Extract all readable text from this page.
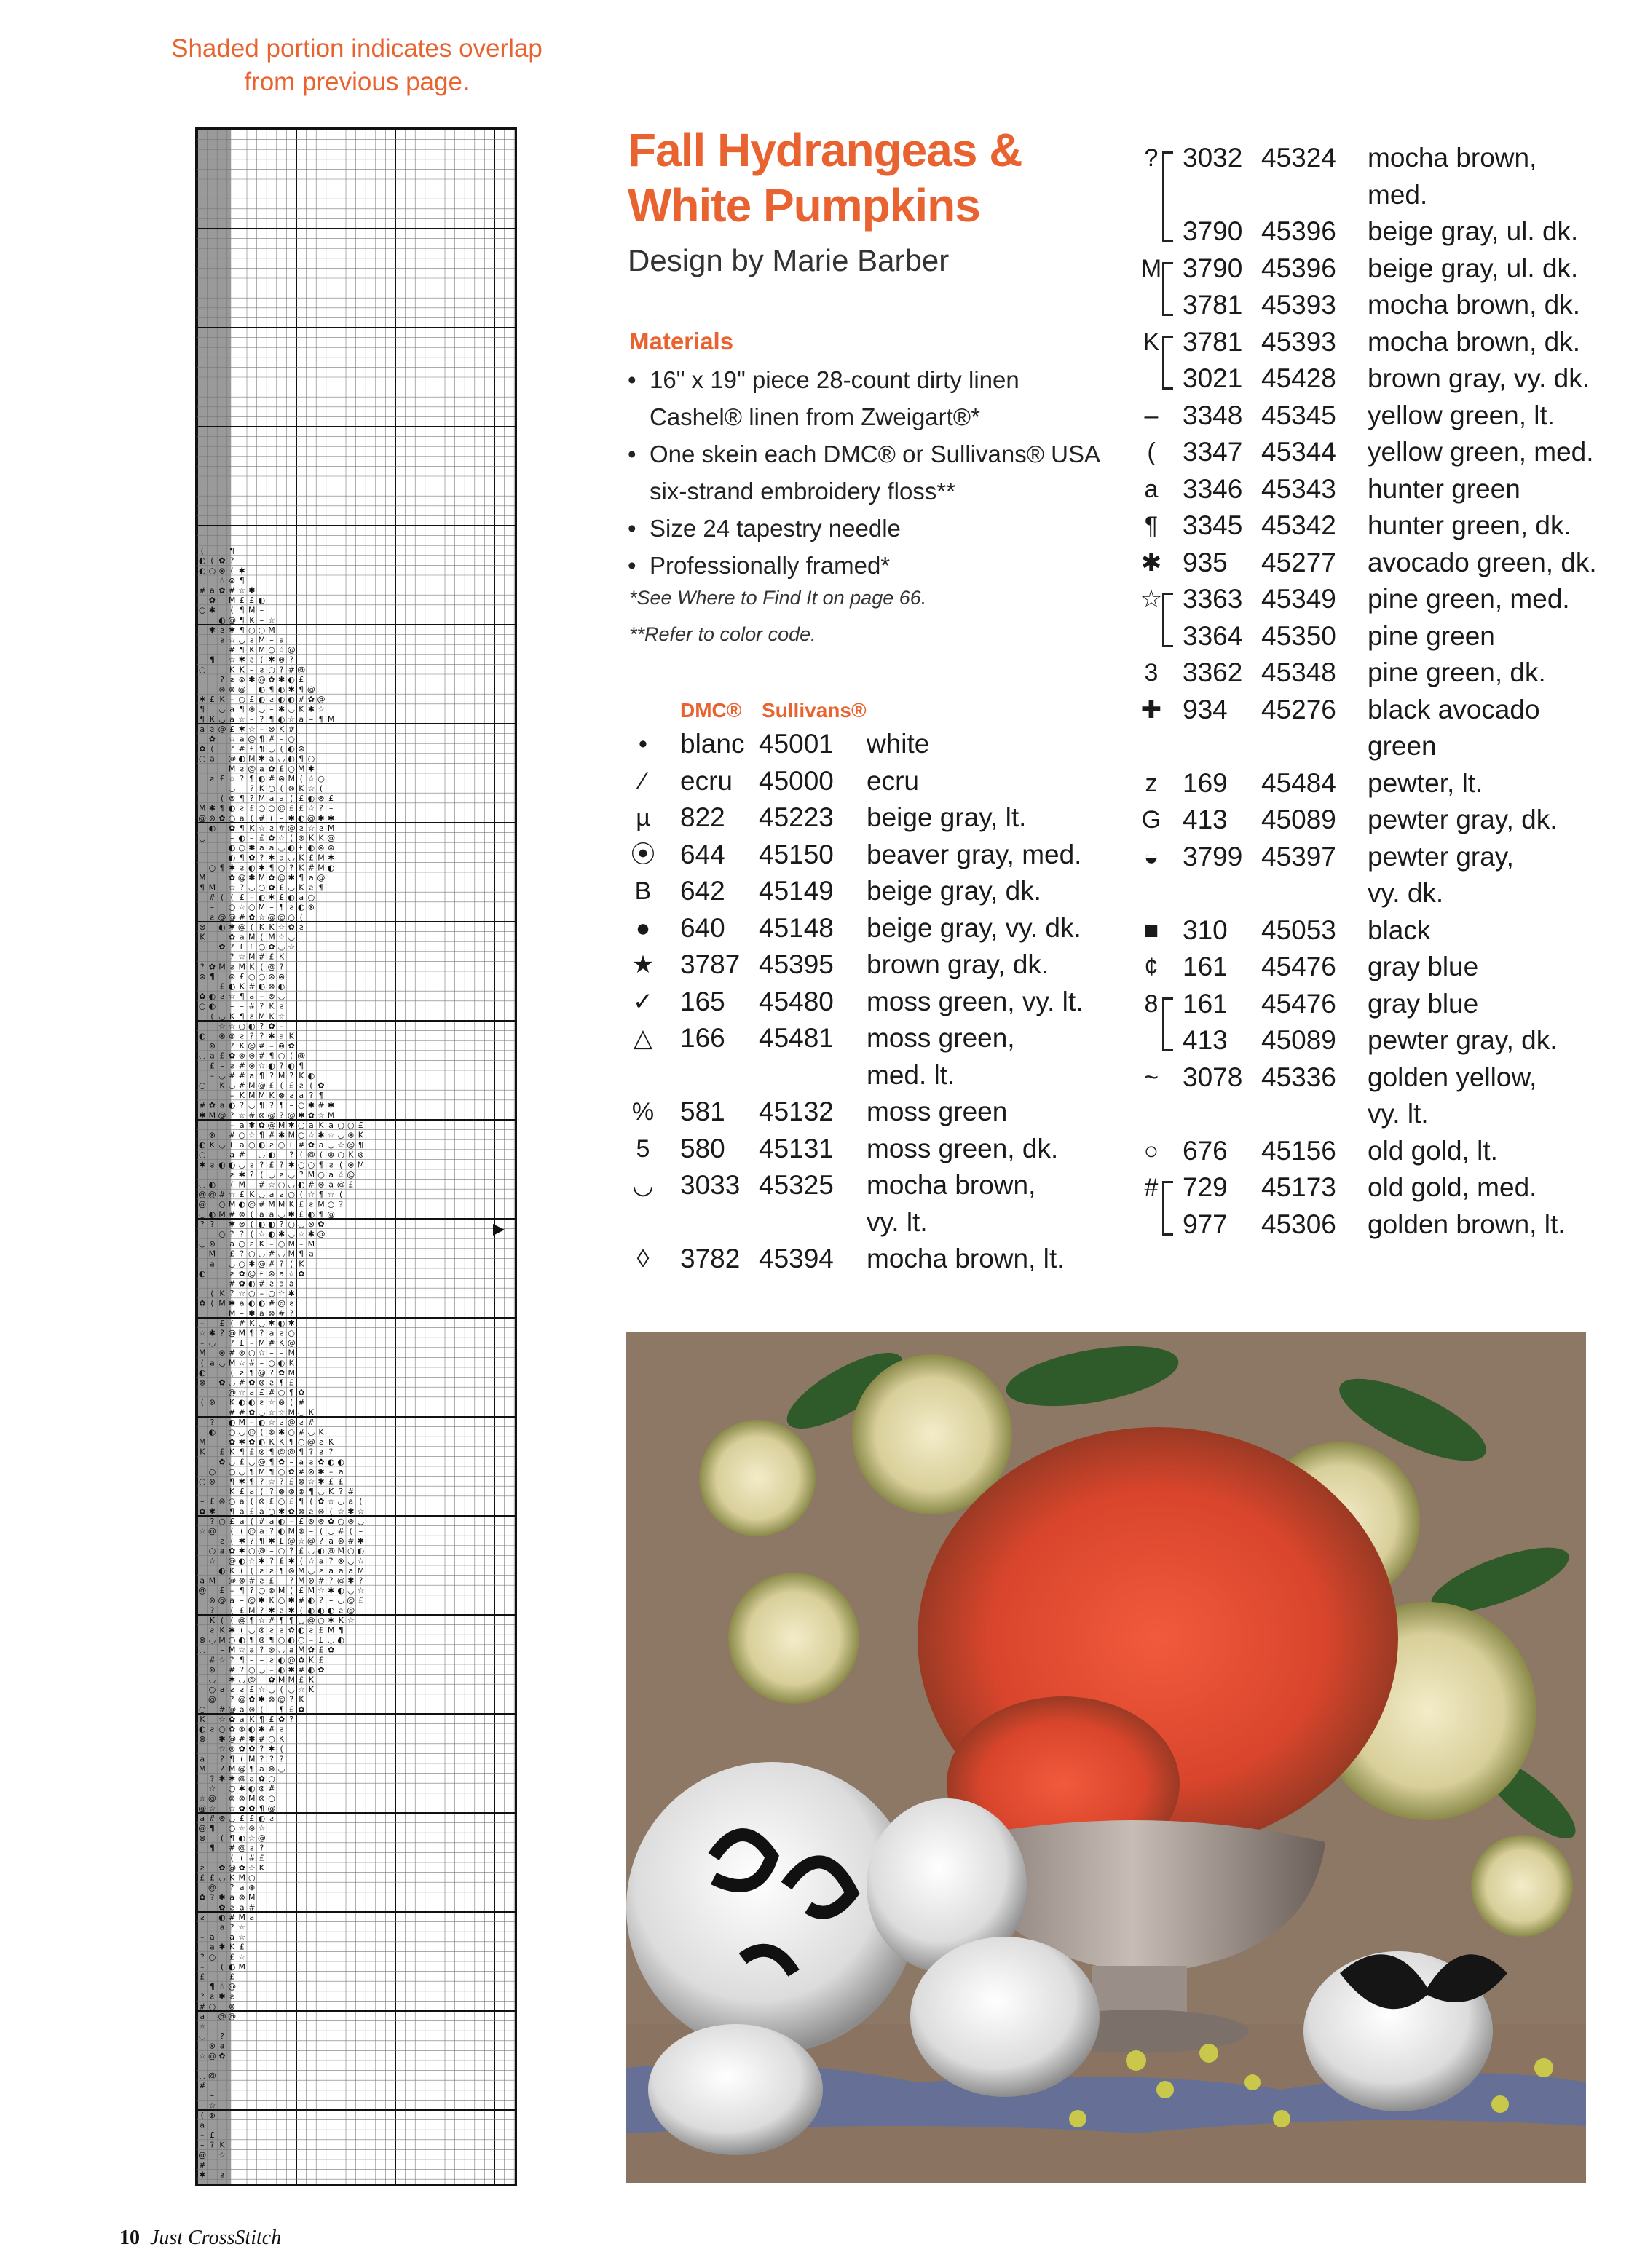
Shaded portion indicates overlap
from previous page.
(	¶
◐ ( ✿ ?
◐ ○ ⊗ ( ✱
☆ ⊗ ¶
# a ✿ # ☆ ✱
✿ M £ £ ◐
○ ✱ ( ¶ M –
◐ @ ¶ K – ☆
✱ ƨ ✱ ¶ ○ ○ M
ƨ ☆ ◡ ƨ M – a
# ¶ K M ○ ☆ @
¶ ☆ ✱ ƨ ( ✱ ⊗ ?
○	K K – ƨ ○ ? # @
? ƨ ⊗ ✱ @ ✿ ✱ ◐ £
⊗ ⊗ @ – ◐ ¶ ◐ ✱ ¶ @
✱ £ K – ○ £ ◐ ƨ ◐ ◐ # ✿ @
¶ ◡ a ¶ ⊗ ◡ – ✱ ◡ K ✱ ☆
¶ K ◡ a ☆ – ? ¶ ◐ ☆ a – ¶ M
a ƨ @ £ ✱ ☆ – ⊗ K #
✿ ☆ a @ ¶ # – ○
✿ ( ? # £ ¶ ◡ ( ◐ ⊗
○ a @ ◐ M ✱ a ◡ ◐ ¶ ○
M ƨ @ a ✿ £ ○ M ✱
ƨ £ ☆ ? ¶ ◐ # ⊗ M ( ☆ ○
◡ – ? K ○ ( ⊗ K ☆ (
( ⊗ ¶ ? M a a ( £ ◐ ⊗ £
M ✱ ¶ ◐ ƨ £ ○ ○ @ £ £ ☆ ? –
@ ⊗ ✿ ○ a ( # ( – ✱ ◐ @ ✱ ✱
◐ ✿ ¶ K ☆ ƨ # @ ƨ ☆ ƨ M
◡	– ◐ – £ ✿ ☆ ( ⊗ K K @
◐ ○ ✱ a a ◡ ◐ £ ◐ ⊗ ⊗
◐ ¶ ✿ ? ✱ a ◡ K £ M ✱
○ ¶ ✱ ƨ ◐ ✱ ¶ ○ ? K # M ◐
M	✿ @ ✱ M ✿ @ ✱ ¶ a @
¶ M ☆ ? ◡ ○ ✿ £ ◡ K ƨ ¶
# ( ( £ – ◐ ✱ £ ◐ a ○
– ○ ☆ ○ M – ¶ ƨ ◐ ⊗
ƨ @ @ # ✿ ☆ @ @ ○ (
⊗ ◐ ✱ @ ( K K ☆ ✿ ƨ
K	✿ a M ( M ☆ ◡
✿ ? £ £ ○ ✿ ◡ ☆
? ☆ M # £ K
? ✿ M ƨ M K ( @ ?
⊗ ¶ ⊗ £ ○ ○ ⊗ ⊗
£ ◐ K # ◐ ⊗ ◐
✿ ◐ ƨ ☆ ¶ a – ⊗ ◡
○ ◐ – – # ? K ƨ
( ◡ K ¶ ƨ M K ☆
☆ ☆ ○ ◐ ? ✿ –
◐ ⊗ ⊗ ƨ ? ? ✱ a K
⊗ ? K @ # – ⊗ ✿
◡ a £ ✿ ⊗ ⊗ # ¶ ○ ( @
£ – ƨ # ⊗ ☆ ◐ ? ◐ ¶
– ◡ # # a ¶ ? M ? K ◐
○ – K ◡ # M @ £ ( £ ƨ ( ✿
– K M M K ⊗ ƨ a ? ¶
# ✿ a ◐ ? ◡ ¶ ? ¶ – ○ ✱ # ✱
✱ M @ ? ☆ # ⊗ @ ? @ ✱ ✿ ☆ M
– a ✱ ✿ @ M ✱ ○ a K a ○ ○ £
⊗ # ○ ☆ ¶ # ✱ M ○ ☆ ✱ ☆ ◡ ⊗ K
◐ K ◡ £ a ○ ◐ ƨ ○ £ # ✿ a ◡ ☆ @ ¶
○ – a # – ◡ ◐ – ? ( @ ( ⊗ ○ K ⊗
✱ ƨ ◐ ◐ ◡ ƨ ? £ ? ✱ ○ ○ ¶ ƨ ( ⊗ M
ƨ ✱ ? ( ◡ ƨ ◡ ? M ○ a ☆ @
◡ ◐ ( M – # ☆ ○ ◡ ◐ # ⊗ a @ £
@ @ # ☆ £ K ◡ a ƨ ○ ( ☆ ¶ ☆ (
@ ○ M ◐ @ # M M K £ ƨ M ○ ?
◡ ◐ M # ⊗ ( a a ◡ ✱ £ ◐ ¶ @
? ? ✱ ⊗ ( ◐ ◐ ? ○ ◡ ⊗ ✿
○ ? ? ( ☆ ◐ ✱ ◡ ☆ ✱ @
◡ ⊗ a ○ ƨ K – ○ M – M
M £ ? ○ ◡ # ◡ M ¶ a
a ◡ ○ ✱ @ # ? ( K
◐	ƨ ✿ @ £ ⊗ a ☆ ✿
# ✿ ◐ # ƨ a a
( K ? ☆ ○ – ○ ☆ ✱
✿ ( M ✱ a ◐ ◐ # @ ƨ
M – ✱ a ⊗ # ?
– £ ( # K ◡ ✱ ◐ ✱
☆ ✱ ? @ M ¶ ? a ƨ ○
– ◡ ? £ – M # K @
M ⊗ # ⊗ ○ ☆ – – M
( a ◡ M ☆ # – ○ ◐ K
◐	( ƨ ¶ @ ? ✿ M
⊗ ✿ ◡ # ✿ ⊗ ƨ ¶ £
@ ☆ a £ # ○ ¶ ✿
( ⊗ K ◐ ◐ ƨ ☆ ⊗ ( #
# # ✿ ◡ ☆ ☆ M ◡ K
? ◐ M – ◐ ☆ ƨ @ ƨ #
◐ ○ ◡ @ ( ⊗ ✱ ○ # ◡ K
M	✿ ✱ ✿ ◐ K K ¶ ○ @ ƨ K
K £ K ¶ £ ⊗ ¶ @ @ ¶ ? ƨ ?
✿ ◡ £ ◡ @ ¶ ✿ – a ƨ ✿ ◐ ◐
○ ○ ◡ ¶ M ¶ ○ ✿ # ⊗ ✱ – a
○ ⊗ ¶ ✱ ¶ ? ☆ ? £ ⊗ ☆ ✱ £ £ –
K £ a ( ? ⊗ ⊗ ⊗ ¶ ◡ K ? #
– £ ⊗ ○ a ( ⊗ £ ○ £ ¶ ( ✿ ☆ ◡ a (
✿ ✱ ¶ a £ a ○ ✱ ✿ ⊗ ƨ ⊗ ( ☆ ✱ ☆
? ○ £ a ( # a ◐ – £ ⊗ ⊗ ✿ ○ ⊗ ◡
☆ @ ( ( @ a ? ◐ M ⊗ – ( ◡ # ( –
ƨ ( ✱ ? ¶ ✱ £ @ ☆ @ ? a ⊗ # ✱
○ a ✿ ✱ ○ @ – ○ ? £ ◡ ◐ @ M ○ ◐
☆ @ ◐ ☆ ✱ ? £ ✱ ( ☆ a ? ⊗ ◡ ☆
◐ K ( ( ƨ ƨ ¶ ⊗ M ◡ ƨ a a a M
a M @ ⊗ # ƨ £ – ? M ⊗ # ? @ ✱ ?
@ £ – ¶ ? ○ ⊗ M ( £ M ☆ ✱ ◐ ◡ ☆
⊗ @ a – @ ✱ K ○ ✱ # ◐ ? – ◡ @ £
? ( £ M ? ✱ ƨ ✱ ( ◐ ◐ ◐ ƨ @
K ( ( @ ¶ ☆ # ¶ ¶ ◡ @ ○ ✱ K ☆
ƨ K ✱ ( ◡ ⊗ ƨ ƨ ✿ ◐ ƨ £ M ¶
⊗ ◡ M ○ ◐ ¶ ⊗ ¶ ○ ◐ ○ – £ ◡ ◐
◡ – M ☆ a ? ⊗ ◡ a M ✿ £ ✿
# ☆ ? ¶ – – ƨ ◐ @ ✿ K £
⊗ # ? ○ ◡ – ◐ ✱ # ◐ ✿
– ◡ ✱ ◡ @ – ✿ M M £ K
○ a ƨ ƨ £ ☆ ◡ ( ◡ ☆ K
@ ? @ ✿ ✱ ⊗ @ ? K
○ # @ a ⊗ ( – ¶ £ ✿
K ☆ ✿ a K ¶ £ ✿ ?
◐ ƨ ○ ✿ ⊗ ◐ ✱ # ƨ
⊗ ✱ @ # ✱ # ○ K
☆ ⊗ ✿ ✿ ? ✱ (
a ? ¶ ( M ? ? ?
M ? M @ ¶ a ⊗ ◡
? ✱ ✱ @ a ✿ ○
☆ ○ ✱ ◐ ⊗ #
☆ @ ⊗ ⊗ M ⊗ ○
@ ☆ ☆ ✿ ✿ ¶ @
a # ⊗ ◡ £ £ ◐ ƨ
@ ¶ ○ ☆ ⊗ ☆
⊗ ( ¶ ◐ ☆ @
¶ # @ ƨ ?
( ( # £
ƨ ✿ @ ✿ ☆ K
£ £ ◡ K M ○
@ ? a ⊗
✿ ? ✱ a ⊗ M
✿ ƨ a #
ƨ ◐ # M a
a ? ☆
– a a ☆
a ✱ K £
? ○ £ ☆
– ( ◐ M
£	£
¶ ☆ @
? ƨ ✱ ƨ
# ○ ⊗
a @ @
☆
◡ ?
⊗ a
☆ @ ✿
◡ @
#
–
☆
( ⊗
a
– £
– ? K
@ ☆
#
✱ ƨ
Fall Hydrangeas &
White Pumpkins
Design by Marie Barber
Materials
• 16" x 19" piece 28-count dirty linen
Cashel® linen from Zweigart®*
• One skein each DMC® or Sullivans® USA
six-strand embroidery floss**
• Size 24 tapestry needle
• Professionally framed*
*See Where to Find It on page 66.
**Refer to color code.
DMC® Sullivans®
•	blanc 45001 white
⁄	ecru 45000 ecru
µ	822 45223 beige gray, lt.
⦿ 644 45150 beaver gray, med.
B	642 45149 beige gray, dk.
●	640 45148 beige gray, vy. dk.
★ 3787 45395 brown gray, dk.
✓ 165 45480 moss green, vy. lt.
△	166 45481 moss green,
med. lt.
% 581 45132 moss green
5	580 45131 moss green, dk.
◡ 3033 45325 mocha brown,
vy. lt.
◊	3782 45394 mocha brown, lt.
? 3032 45324 mocha brown,
med.
3790 45396 beige gray, ul. dk.
M 3790 45396 beige gray, ul. dk.
3781 45393 mocha brown, dk.
K 3781 45393 mocha brown, dk.
3021 45428 brown gray, vy. dk.
– 3348 45345 yellow green, lt.
(	3347 45344 yellow green, med.
a 3346 45343 hunter green
¶ 3345 45342 hunter green, dk.
✱ 935 45277 avocado green, dk.
☆ 3363 45349 pine green, med.
3364 45350 pine green
3 3362 45348 pine green, dk.
✚ 934 45276 black avocado
green
z 169 45484 pewter, lt.
G 413 45089 pewter gray, dk.
◒ 3799 45397 pewter gray,
vy. dk.
■ 310 45053 black
¢ 161 45476 gray blue
8 161 45476 gray blue
413 45089 pewter gray, dk.
~ 3078 45336 golden yellow,
vy. lt.
○ 676 45156 old gold, lt.
# 729 45173 old gold, med.
977 45306 golden brown, lt.
10 Just CrossStitch
